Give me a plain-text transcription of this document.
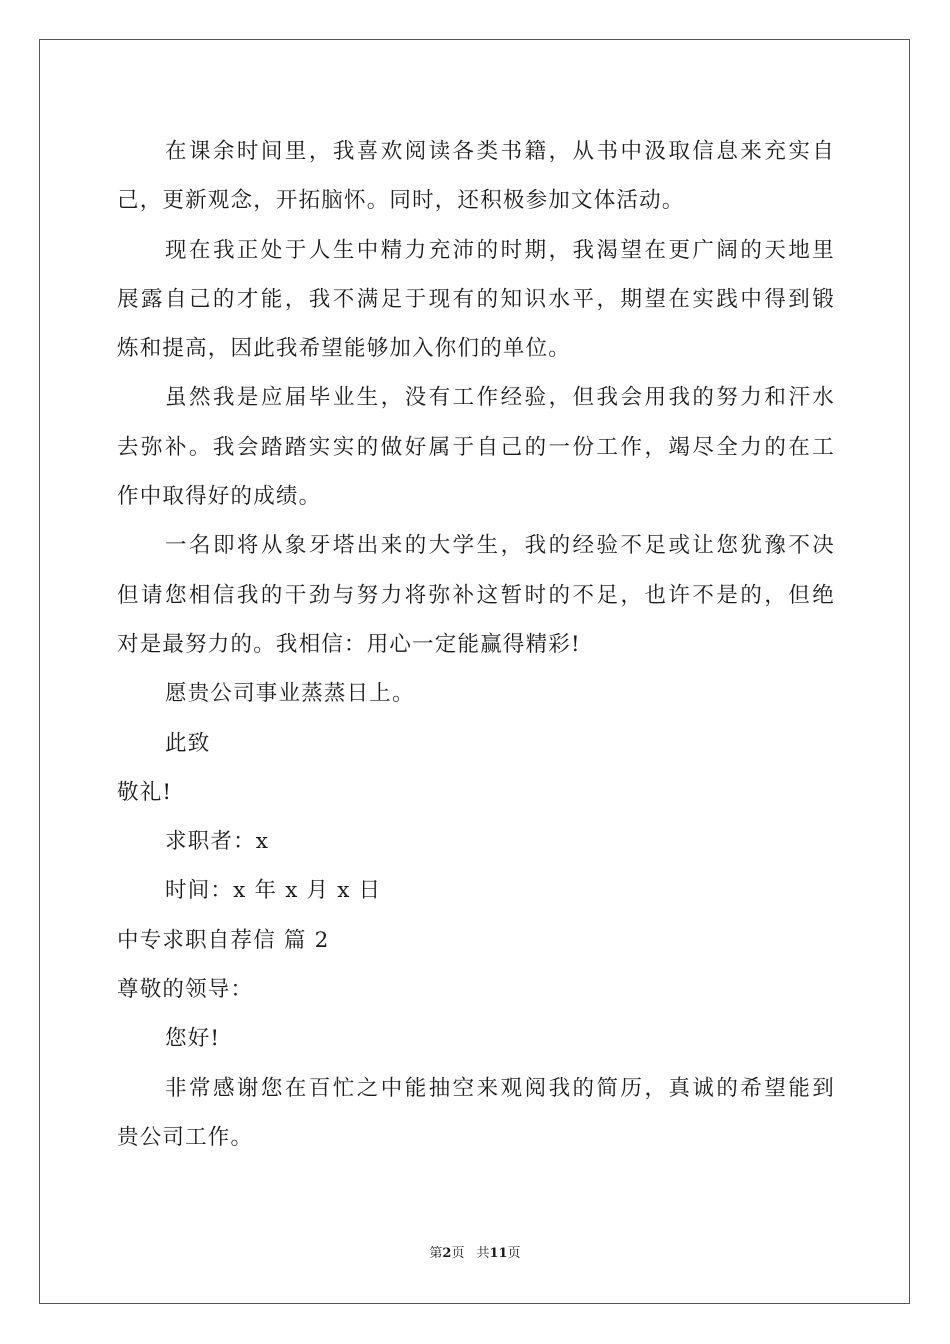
在课余时间里，我喜欢阅读各类书籍，从书中汲取信息来充实自
己，更新观念，开拓脑怀。同时，还积极参加文体活动。
现在我正处于人生中精力充沛的时期，我渴望在更广阔的天地里
展露自己的才能，我不满足于现有的知识水平，期望在实践中得到锻
炼和提高，因此我希望能够加入你们的单位。
虽然我是应届毕业生，没有工作经验，但我会用我的努力和汗水
去弥补。我会踏踏实实的做好属于自己的一份工作，竭尽全力的在工
作中取得好的成绩。
一名即将从象牙塔出来的大学生，我的经验不足或让您犹豫不决
但请您相信我的干劲与努力将弥补这暂时的不足，也许不是的，但绝
对是最努力的。我相信：用心一定能赢得精彩!
愿贵公司事业蒸蒸日上。
此致
敬礼!
求职者：x
时间：x 年 x 月 x 日
中专求职自荐信 篇 2
尊敬的领导：
您好!
非常感谢您在百忙之中能抽空来观阅我的简历，真诚的希望能到
贵公司工作。
第2页 共11页
